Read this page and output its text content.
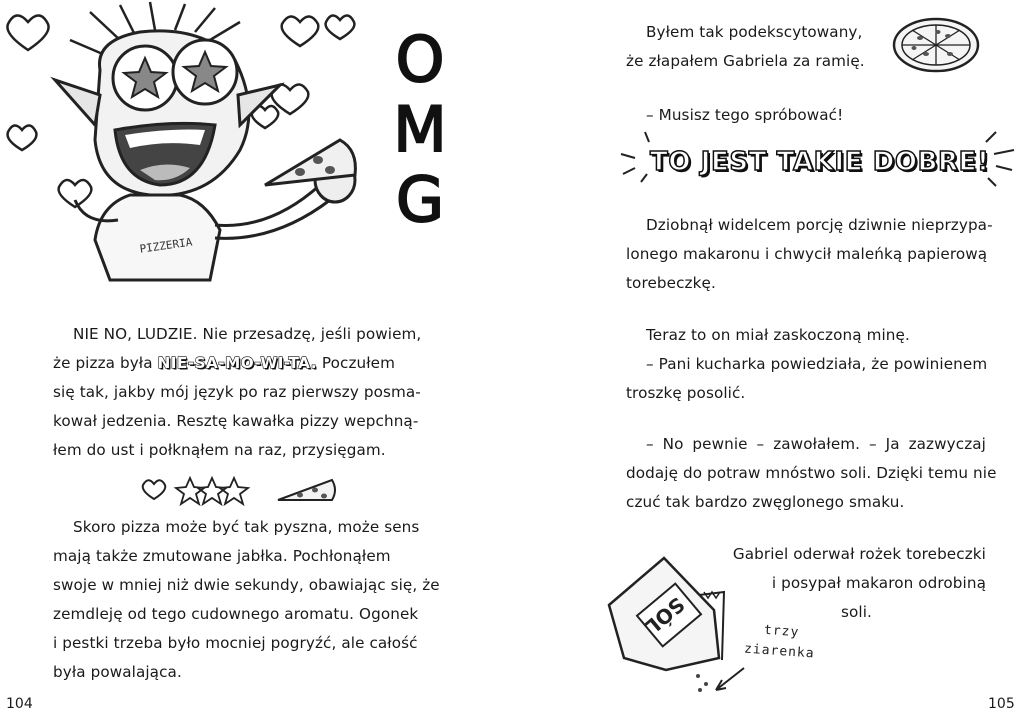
PIZZERIA
O
M
G
NIE NO, LUDZIE. Nie przesadzę, jeśli powiem,
że pizza była NIE-SA-MO-WI-TA. Poczułem
się tak, jakby mój język po raz pierwszy posma-
kował jedzenia. Resztę kawałka pizzy wepchną-
łem do ust i połknąłem na raz, przysięgam.
Skoro pizza może być tak pyszna, może sens
mają także zmutowane jabłka. Pochłonąłem
swoje w mniej niż dwie sekundy, obawiając się, że
zemdleję od tego cudownego aromatu. Ogonek
i pestki trzeba było mocniej pogryźć, ale całość
była powalająca.
104
Byłem tak podekscytowany,
że złapałem Gabriela za ramię.
– Musisz tego spróbować!
TO JEST TAKIE DOBRE!
Dziobnął widelcem porcję dziwnie nieprzypa-
lonego makaronu i chwycił maleńką papierową
torebeczkę.
Teraz to on miał zaskoczoną minę.
– Pani kucharka powiedziała, że powinienem
troszkę posolić.
– No pewnie – zawołałem. – Ja zazwyczaj
dodaję do potraw mnóstwo soli. Dzięki temu nie
czuć tak bardzo zwęglonego smaku.
Gabriel oderwał rożek torebeczki
i posypał makaron odrobiną
soli.
SÓL	trzy
ziarenka
105
